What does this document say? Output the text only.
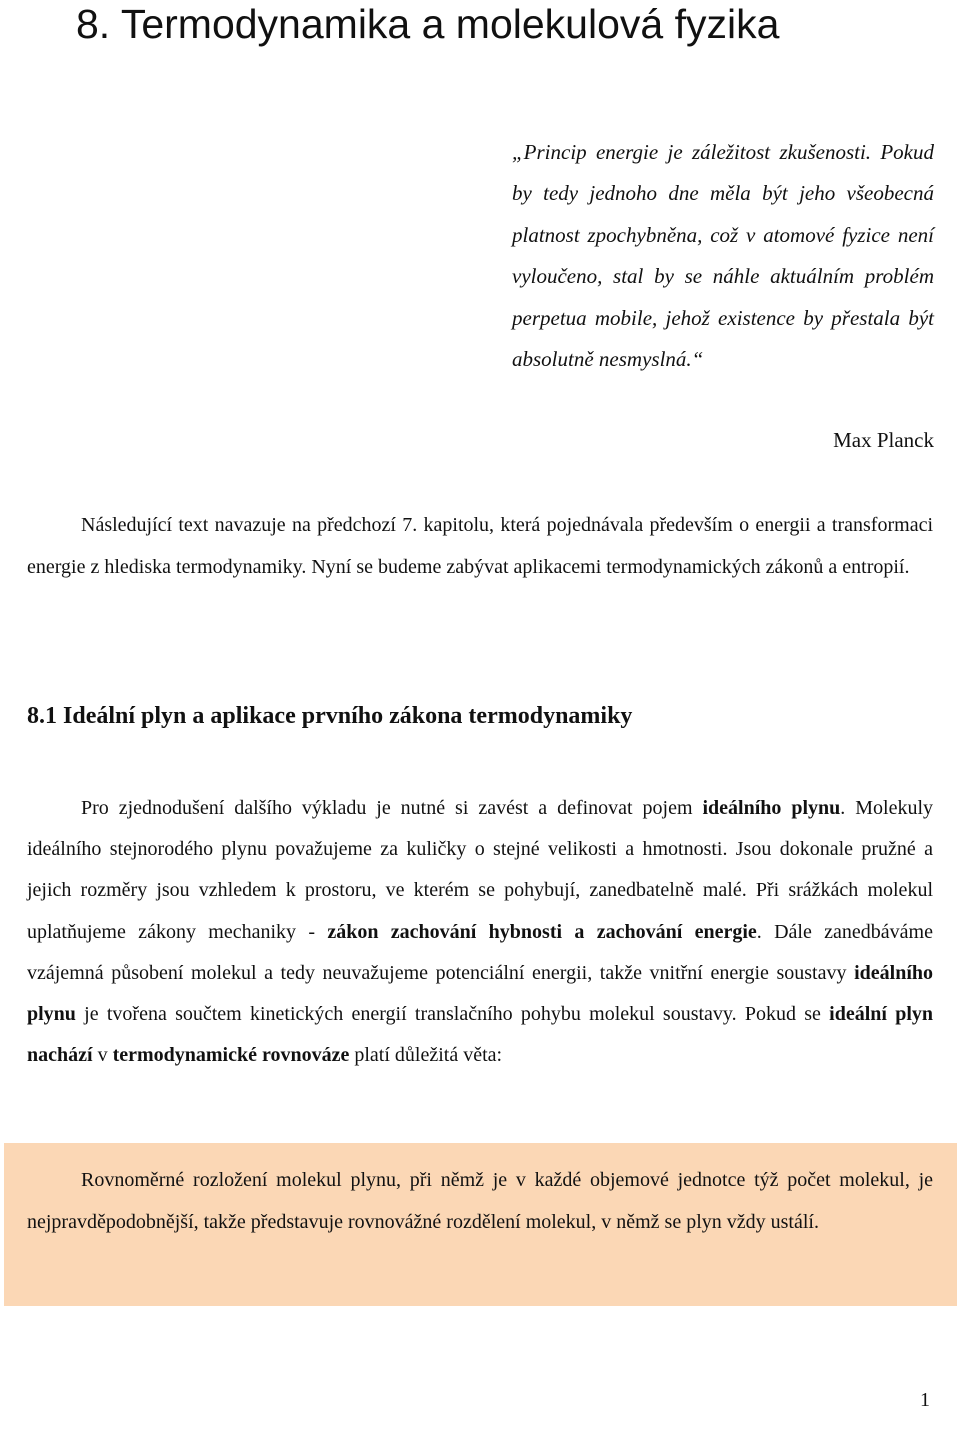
8. Termodynamika a molekulová fyzika
„Princip energie je záležitost zkušenosti. Pokud by tedy jednoho dne měla být jeho všeobecná platnost zpochybněna, což v atomové fyzice není vyloučeno, stal by se náhle aktuálním problém perpetua mobile, jehož existence by přestala být absolutně nesmyslná.“
Max Planck

Následující text navazuje na předchozí 7. kapitolu, která pojednávala především o energii a transformaci energie z hlediska termodynamiky. Nyní se budeme zabývat aplikacemi termodynamických zákonů a entropií.

8.1 Ideální plyn a aplikace prvního zákona termodynamiky

Pro zjednodušení dalšího výkladu je nutné si zavést a definovat pojem ideálního plynu. Molekuly ideálního stejnorodého plynu považujeme za kuličky o stejné velikosti a hmotnosti. Jsou dokonale pružné a jejich rozměry jsou vzhledem k prostoru, ve kterém se pohybují, zanedbatelně malé. Při srážkách molekul uplatňujeme zákony mechaniky - zákon zachování hybnosti a zachování energie. Dále zanedbáváme vzájemná působení molekul a tedy neuvažujeme potenciální energii, takže vnitřní energie soustavy ideálního plynu je tvořena součtem kinetických energií translačního pohybu molekul soustavy. Pokud se ideální plyn nachází v termodynamické rovnováze platí důležitá věta:

Rovnoměrné rozložení molekul plynu, při němž je v každé objemové jednotce týž počet molekul, je nejpravděpodobnější, takže představuje rovnovážné rozdělení molekul, v němž se plyn vždy ustálí.

1
